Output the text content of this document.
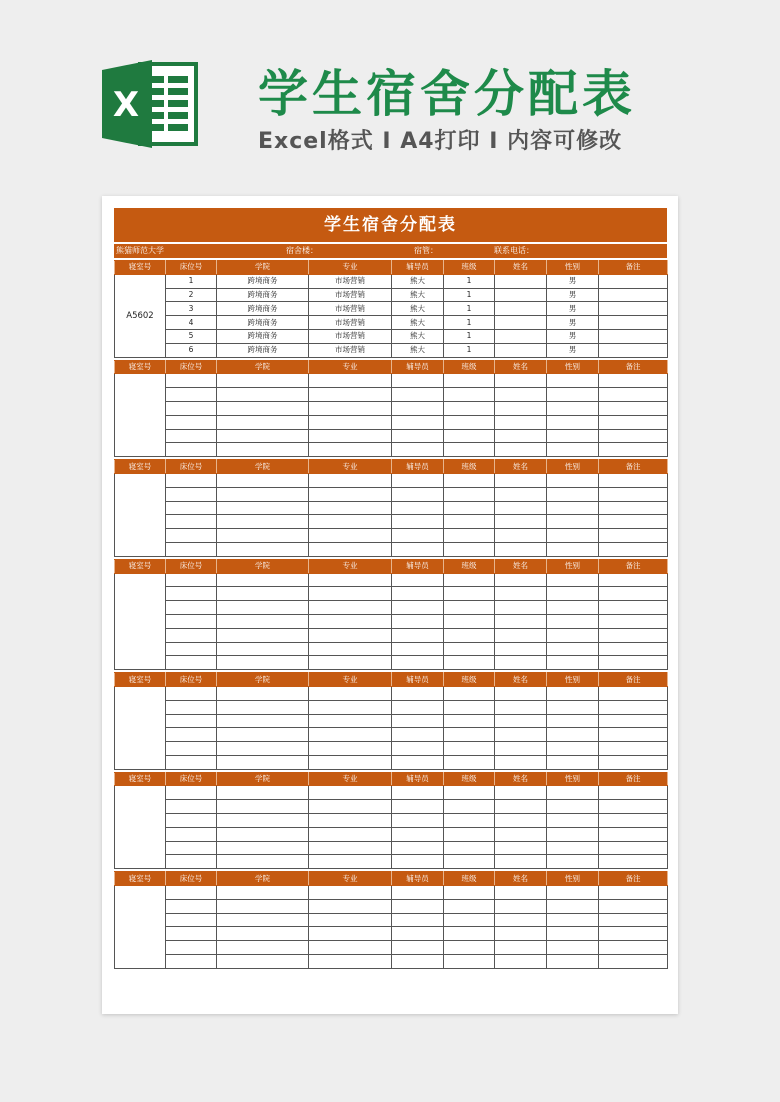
X 学生宿舍分配表

Excel格式 Ⅰ A4打印 Ⅰ 内容可修改

学生宿舍分配表
熊猫师范大学	宿舍楼：	宿管：	联系电话：
寝室号	床位号	学院	专业	辅导员	班级	姓名	性别	备注
A5602	1	跨境商务	市场营销	熊大	1		男	
	2	跨境商务	市场营销	熊大	1		男	
	3	跨境商务	市场营销	熊大	1		男	
	4	跨境商务	市场营销	熊大	1		男	
	5	跨境商务	市场营销	熊大	1		男	
	6	跨境商务	市场营销	熊大	1		男	
寝室号	床位号	学院	专业	辅导员	班级	姓名	性别	备注

寝室号	床位号	学院	专业	辅导员	班级	姓名	性别	备注

寝室号	床位号	学院	专业	辅导员	班级	姓名	性别	备注

寝室号	床位号	学院	专业	辅导员	班级	姓名	性别	备注

寝室号	床位号	学院	专业	辅导员	班级	姓名	性别	备注

寝室号	床位号	学院	专业	辅导员	班级	姓名	性别	备注
